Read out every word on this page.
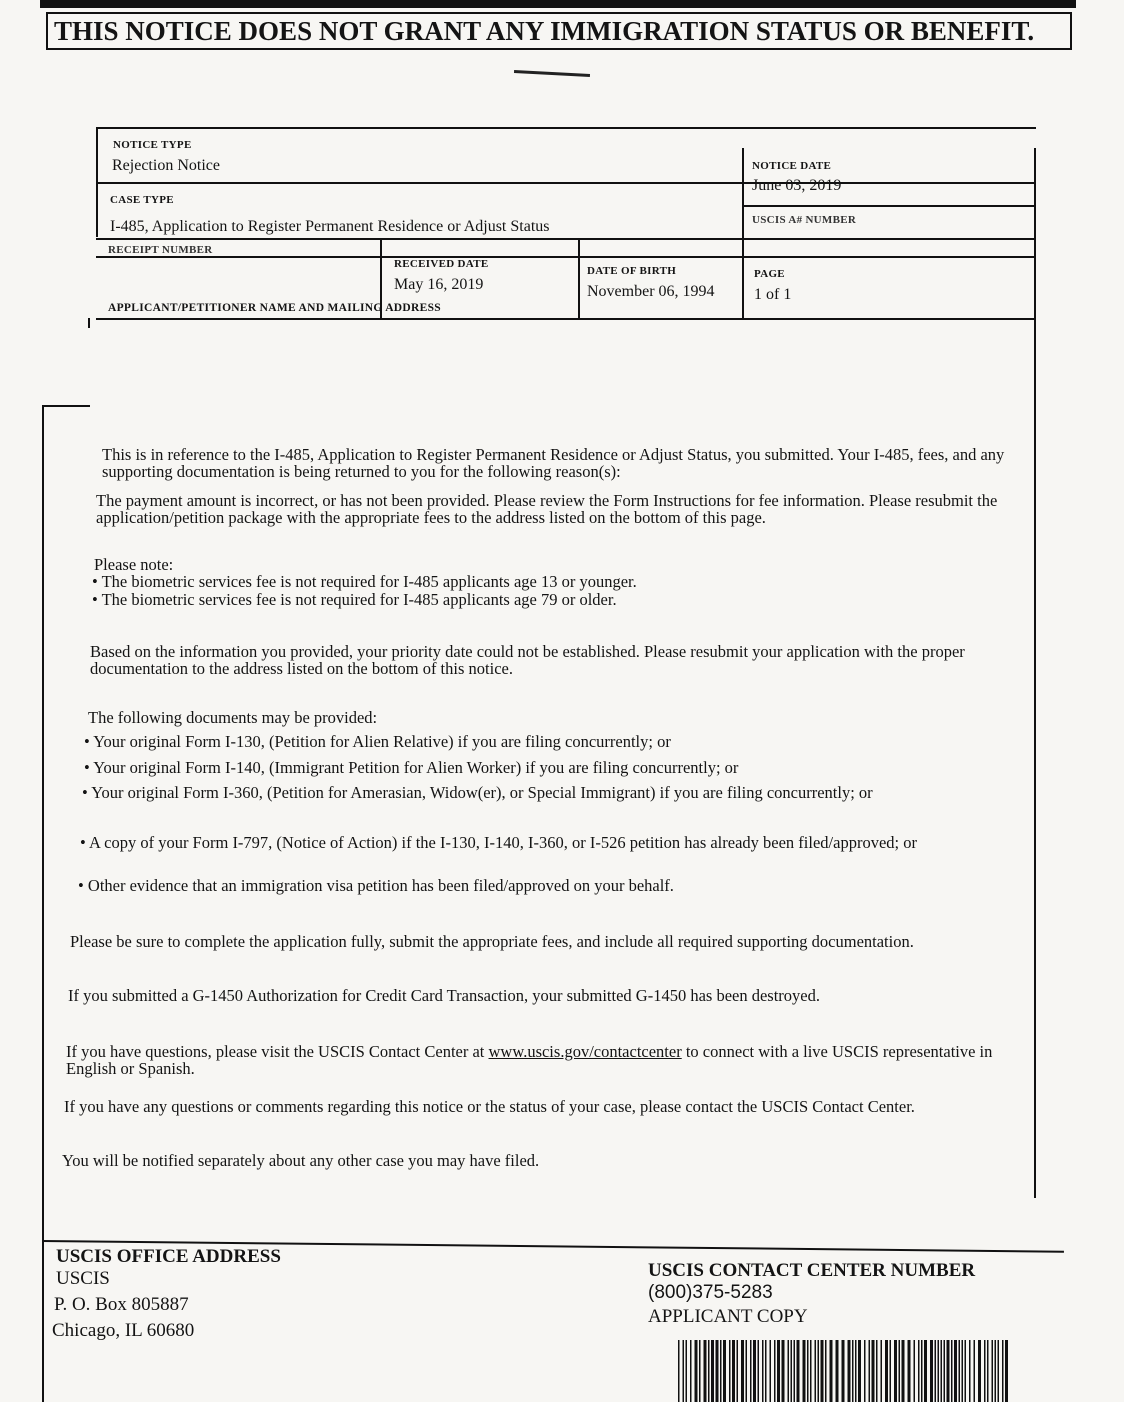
THIS NOTICE DOES NOT GRANT ANY IMMIGRATION STATUS OR BENEFIT.
NOTICE TYPE
Rejection Notice	NOTICE DATE
June 03, 2019
CASE TYPE
I-485, Application to Register Permanent Residence or Adjust Status	USCIS A# NUMBER
RECEIPT NUMBER
RECEIVED DATE
May 16, 2019
DATE OF BIRTH
November 06, 1994
PAGE
1 of 1
APPLICANT/PETITIONER NAME AND MAILING ADDRESS
This is in reference to the I-485, Application to Register Permanent Residence or Adjust Status, you submitted. Your I-485, fees, and any supporting documentation is being returned to you for the following reason(s):
The payment amount is incorrect, or has not been provided. Please review the Form Instructions for fee information. Please resubmit the application/petition package with the appropriate fees to the address listed on the bottom of this page.
Please note:
• The biometric services fee is not required for I-485 applicants age 13 or younger.
• The biometric services fee is not required for I-485 applicants age 79 or older.
Based on the information you provided, your priority date could not be established. Please resubmit your application with the proper documentation to the address listed on the bottom of this notice.
The following documents may be provided:
• Your original Form I-130, (Petition for Alien Relative) if you are filing concurrently; or
• Your original Form I-140, (Immigrant Petition for Alien Worker) if you are filing concurrently; or
• Your original Form I-360, (Petition for Amerasian, Widow(er), or Special Immigrant) if you are filing concurrently; or
• A copy of your Form I-797, (Notice of Action) if the I-130, I-140, I-360, or I-526 petition has already been filed/approved; or
• Other evidence that an immigration visa petition has been filed/approved on your behalf.
Please be sure to complete the application fully, submit the appropriate fees, and include all required supporting documentation.
If you submitted a G-1450 Authorization for Credit Card Transaction, your submitted G-1450 has been destroyed.
If you have questions, please visit the USCIS Contact Center at www.uscis.gov/contactcenter to connect with a live USCIS representative in English or Spanish.
If you have any questions or comments regarding this notice or the status of your case, please contact the USCIS Contact Center.
You will be notified separately about any other case you may have filed.
USCIS OFFICE ADDRESS
USCIS
P. O. Box 805887
Chicago, IL 60680
USCIS CONTACT CENTER NUMBER
(800)375-5283
APPLICANT COPY
